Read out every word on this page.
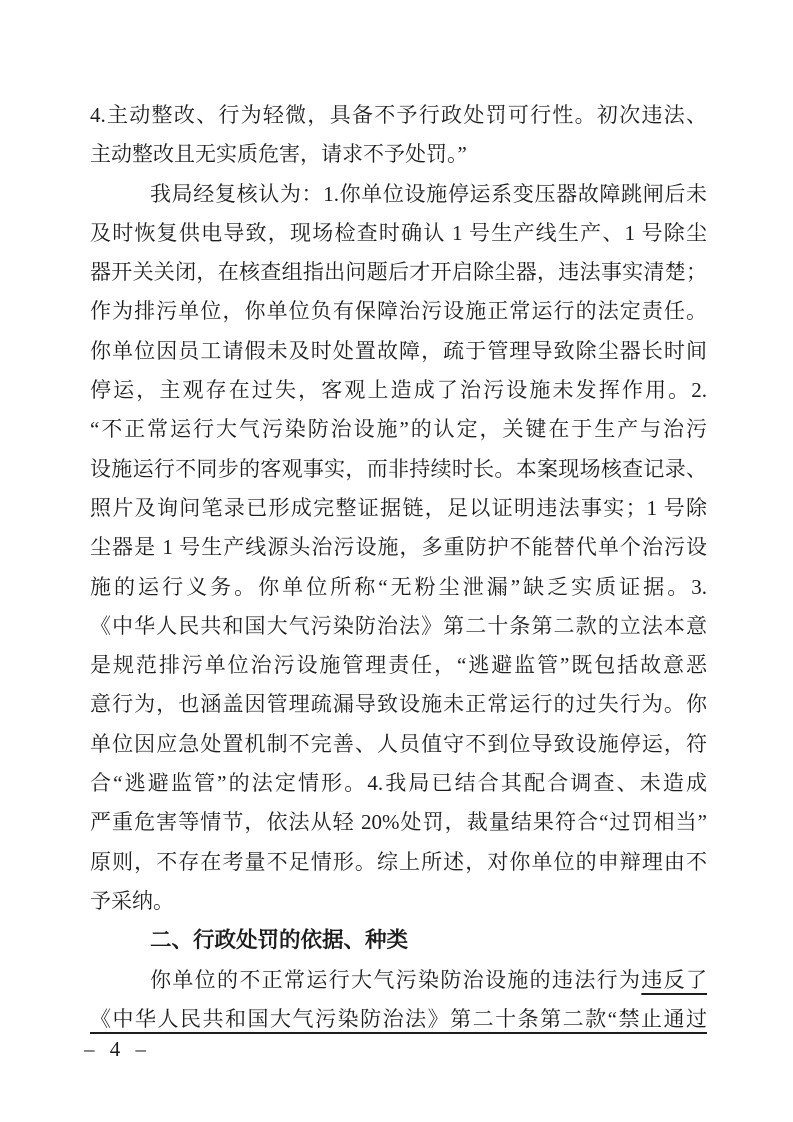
4.主动整改、行为轻微，具备不予行政处罚可行性。初次违法、
主动整改且无实质危害，请求不予处罚。”
我局经复核认为：1.你单位设施停运系变压器故障跳闸后未
及时恢复供电导致，现场检查时确认 1 号生产线生产、1 号除尘
器开关关闭，在核查组指出问题后才开启除尘器，违法事实清楚；
作为排污单位，你单位负有保障治污设施正常运行的法定责任。
你单位因员工请假未及时处置故障，疏于管理导致除尘器长时间
停运，主观存在过失，客观上造成了治污设施未发挥作用。2.
“不正常运行大气污染防治设施”的认定，关键在于生产与治污
设施运行不同步的客观事实，而非持续时长。本案现场核查记录、
照片及询问笔录已形成完整证据链，足以证明违法事实；1 号除
尘器是 1 号生产线源头治污设施，多重防护不能替代单个治污设
施的运行义务。你单位所称“无粉尘泄漏”缺乏实质证据。3.
《中华人民共和国大气污染防治法》第二十条第二款的立法本意
是规范排污单位治污设施管理责任，“逃避监管”既包括故意恶
意行为，也涵盖因管理疏漏导致设施未正常运行的过失行为。你
单位因应急处置机制不完善、人员值守不到位导致设施停运，符
合“逃避监管”的法定情形。4.我局已结合其配合调查、未造成
严重危害等情节，依法从轻 20%处罚，裁量结果符合“过罚相当”
原则，不存在考量不足情形。综上所述，对你单位的申辩理由不
予采纳。
二、行政处罚的依据、种类
你单位的不正常运行大气污染防治设施的违法行为违反了
《中华人民共和国大气污染防治法》第二十条第二款“禁止通过
– 4 –
